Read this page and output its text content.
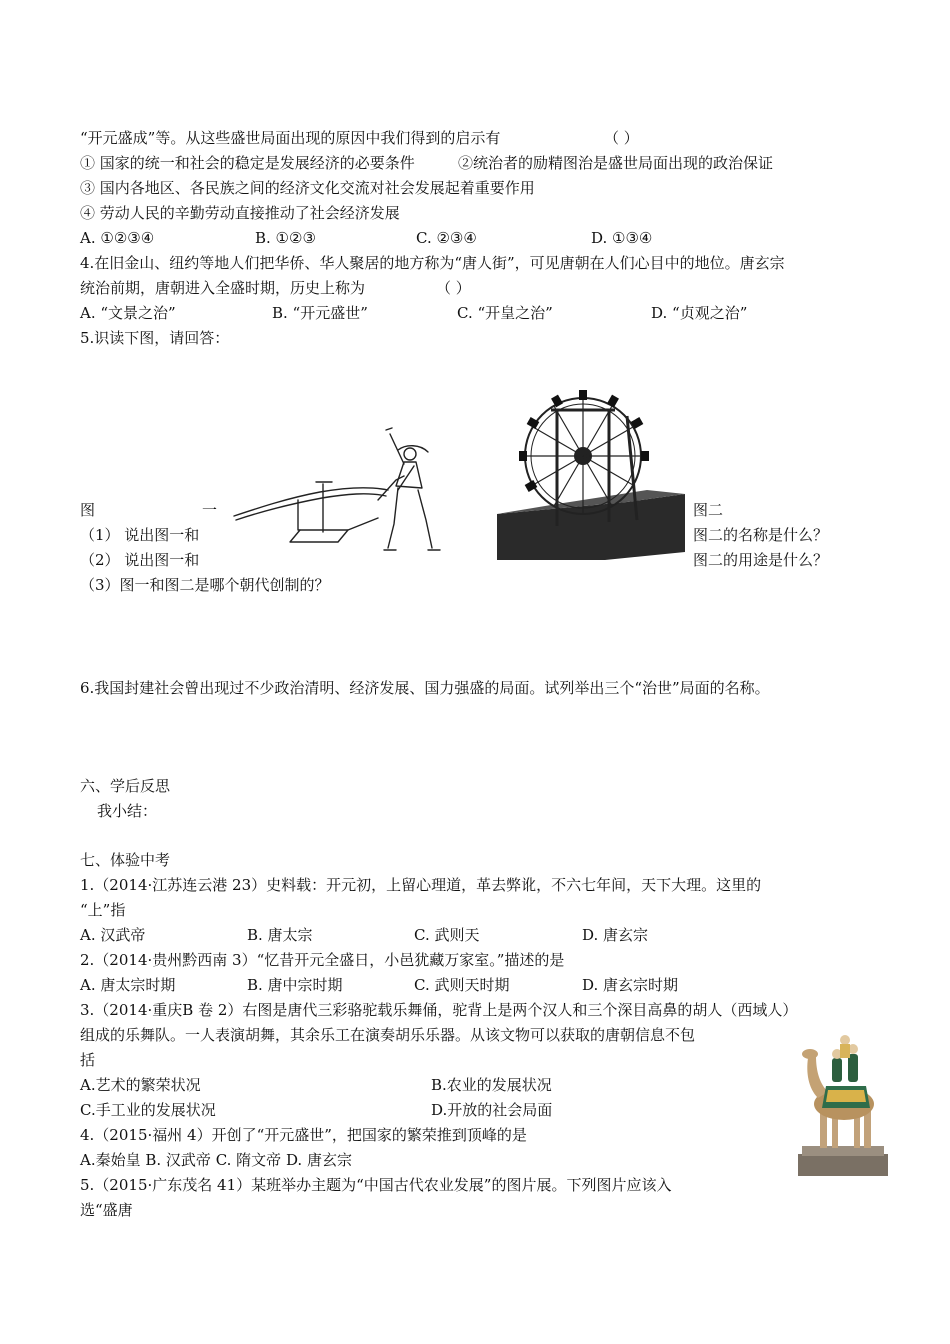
“开元盛成”等。从这些盛世局面出现的原因中我们得到的启示有	（ ）
① 国家的统一和社会的稳定是发展经济的必要条件	②统治者的励精图治是盛世局面出现的政治保证
③ 国内各地区、各民族之间的经济文化交流对社会发展起着重要作用
④ 劳动人民的辛勤劳动直接推动了社会经济发展
A. ①②③④	B. ①②③	C. ②③④	D. ①③④
4.在旧金山、纽约等地人们把华侨、华人聚居的地方称为“唐人街”，可见唐朝在人们心目中的地位。唐玄宗
统治前期，唐朝进入全盛时期，历史上称为	（ ）
A. “文景之治”	B. “开元盛世”	C. “开皇之治”	D. “贞观之治”
5.识读下图，请回答：
图	一	图二
（1） 说出图一和	图二的名称是什么？
（2） 说出图一和	图二的用途是什么？
（3）图一和图二是哪个朝代创制的？
6.我国封建社会曾出现过不少政治清明、经济发展、国力强盛的局面。试列举出三个“治世”局面的名称。
六、学后反思
我小结：
七、体验中考
1.（2014·江苏连云港 23）史料载：开元初，上留心理道，革去弊讹，不六七年间，天下大理。这里的
“上”指
A. 汉武帝	B. 唐太宗	C. 武则天	D. 唐玄宗
2.（2014·贵州黔西南 3）“忆昔开元全盛日，小邑犹藏万家室。”描述的是
A. 唐太宗时期	B. 唐中宗时期	C. 武则天时期	D. 唐玄宗时期
3.（2014·重庆B 卷 2）右图是唐代三彩骆驼载乐舞俑，驼背上是两个汉人和三个深目高鼻的胡人（西域人）
组成的乐舞队。一人表演胡舞，其余乐工在演奏胡乐乐器。从该文物可以获取的唐朝信息不包
括
A.艺术的繁荣状况	B.农业的发展状况
C.手工业的发展状况	D.开放的社会局面
4.（2015·福州 4）开创了“开元盛世”，把国家的繁荣推到顶峰的是
A.秦始皇 B. 汉武帝 C. 隋文帝 D. 唐玄宗
5.（2015·广东茂名 41）某班举办主题为“中国古代农业发展”的图片展。下列图片应该入
选“盛唐
